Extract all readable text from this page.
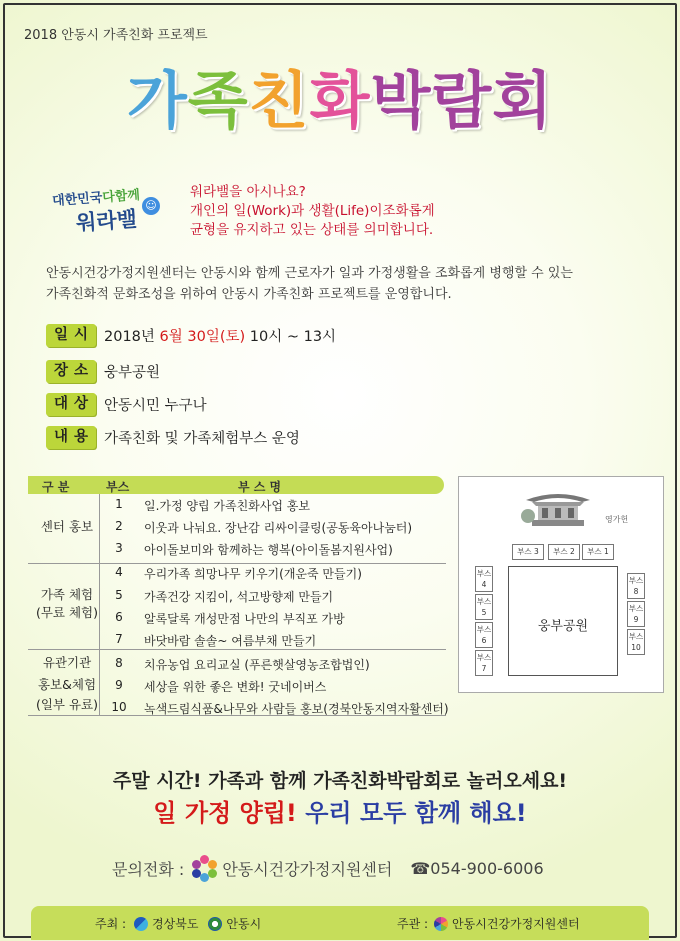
2018 안동시 가족친화 프로젝트
가족친화박람회
대한민국다함께
워라밸
☺
워라밸을 아시나요?
개인의 일(Work)과 생활(Life)이조화롭게
균형을 유지하고 있는 상태를 의미합니다.
안동시건강가정지원센터는 안동시와 함께 근로자가 일과 가정생활을 조화롭게 병행할 수 있는
가족친화적 문화조성을 위하여 안동시 가족친화 프로젝트를 운영합니다.
일시 2018년 6월 30일(토) 10시 ~ 13시
장소 웅부공원
대상 안동시민 누구나
내용 가족친화 및 가족체험부스 운영
구 분	부스	부 스 명
센터 홍보
가족 체험
(무료 체험)
유관기관
홍보&체험
(일부 유료)
1	일.가정 양립 가족친화사업 홍보
2	이웃과 나눠요. 장난감 리싸이클링(공동육아나눔터)
3	아이돌보미와 함께하는 행복(아이돌봄지원사업)
4	우리가족 희망나무 키우기(개운죽 만들기)
5	가족건강 지킴이, 석고방향제 만들기
6	알록달록 개성만점 나만의 부직포 가방
7	바닷바람 솔솔~ 여름부채 만들기
8	치유농업 요리교실 (푸른햇살영농조합법인)
9	세상을 위한 좋은 변화! 굿네이버스
10	녹색드림식품&나무와 사람들 홍보(경북안동지역자활센터)
영가헌
웅부공원
부스 3	부스 2	부스 1
부스
4
부스
5
부스
6
부스
7
부스
8
부스
9
부스
10
주말 시간! 가족과 함께 가족친화박람회로 놀러오세요!
일 가정 양립! 우리 모두 함께 해요!
문의전화 : 안동시건강가정지원센터 ☎054-900-6006
주최 : 경상북도 안동시	주관 : 안동시건강가정지원센터
